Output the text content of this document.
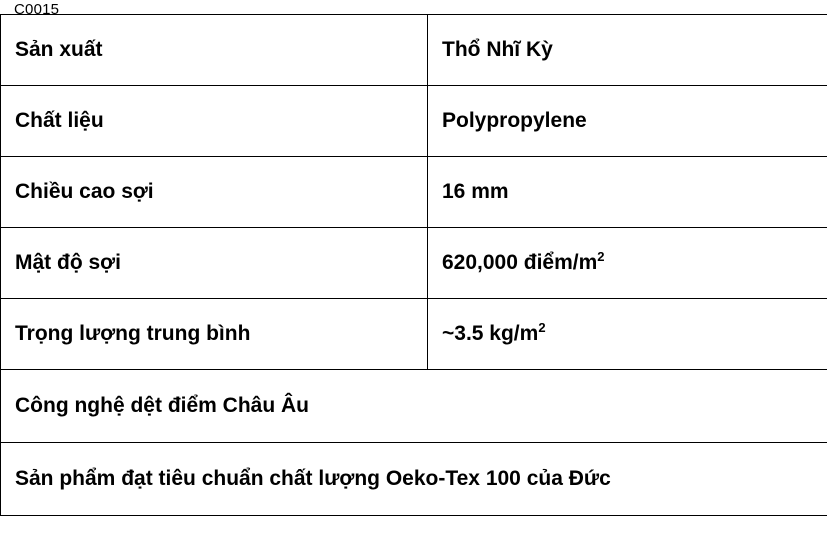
C0015
Sản xuất	Thổ Nhĩ Kỳ
Chất liệu	Polypropylene
Chiều cao sợi	16 mm
Mật độ sợi	620,000 điểm/$m^2$
Trọng lượng trung bình	~3.5 $kg/m^2$
Công nghệ dệt điểm Châu Âu	
Sản phẩm đạt tiêu chuẩn chất lượng Oeko-Tex 100 của Đức	
